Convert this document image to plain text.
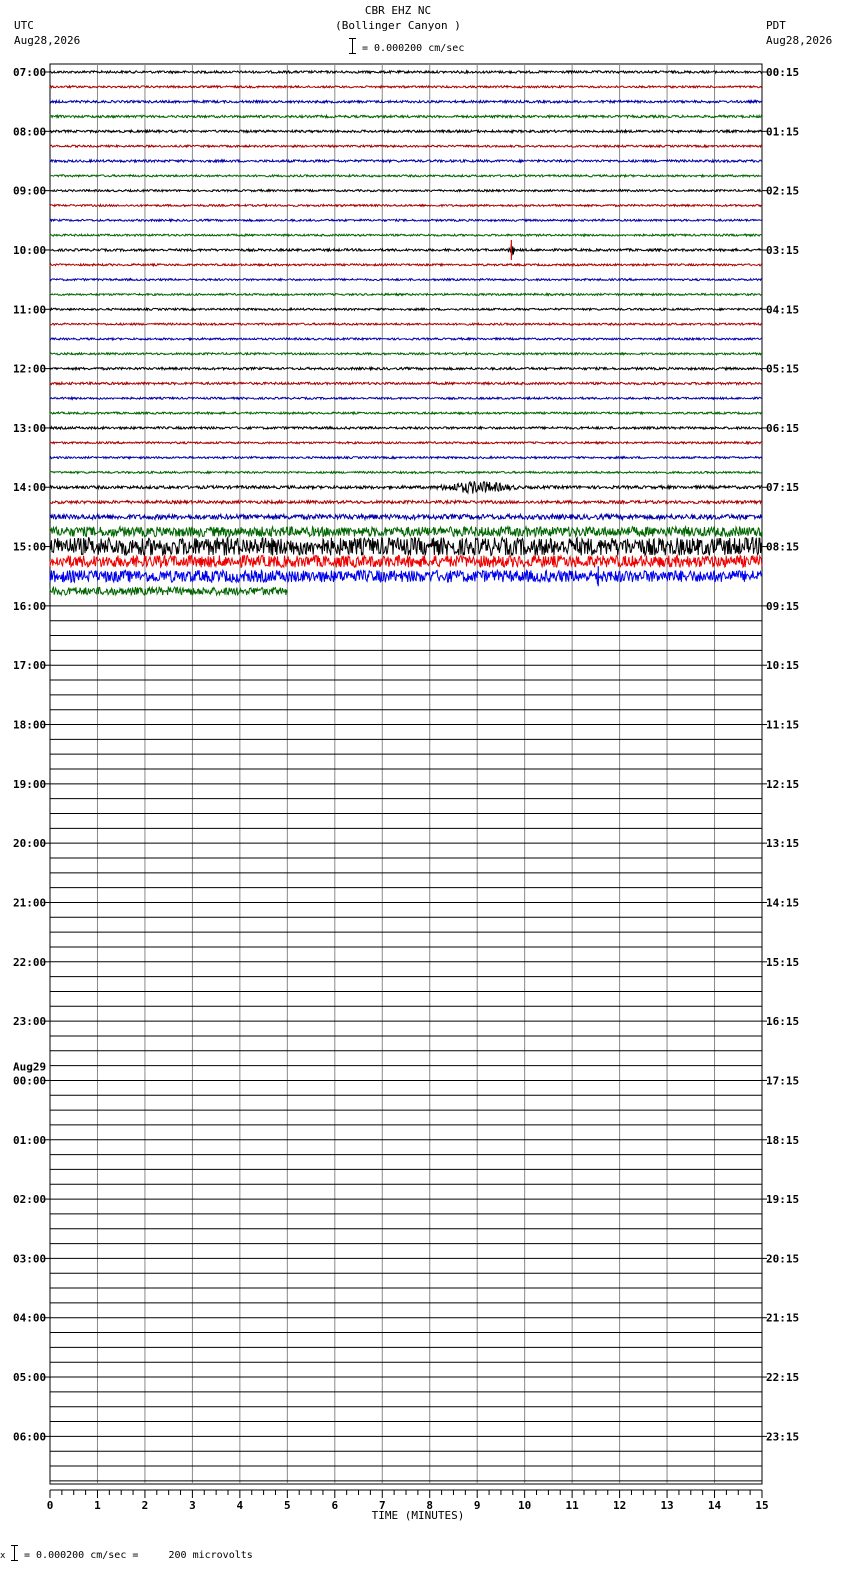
07:00
08:00
09:00
10:00
11:00
12:00
13:00
14:00
15:00
16:00
17:00
18:00
19:00
20:00
21:00
22:00
23:00
00:00
01:00
02:00
03:00
04:00
05:00
06:00
Aug29
00:15
01:15
02:15
03:15
04:15
05:15
06:15
07:15
08:15
09:15
10:15
11:15
12:15
13:15
14:15
15:15
16:15
17:15
18:15
19:15
20:15
21:15
22:15
23:15
0	1	2	3	4	5	6	7	8	9	10	11	12	13	14	15
UTC
Aug28,2026
PDT
Aug28,2026
CBR EHZ NC
(Bollinger Canyon )
= 0.000200 cm/sec
TIME (MINUTES)
x = 0.000200 cm/sec =     200 microvolts
